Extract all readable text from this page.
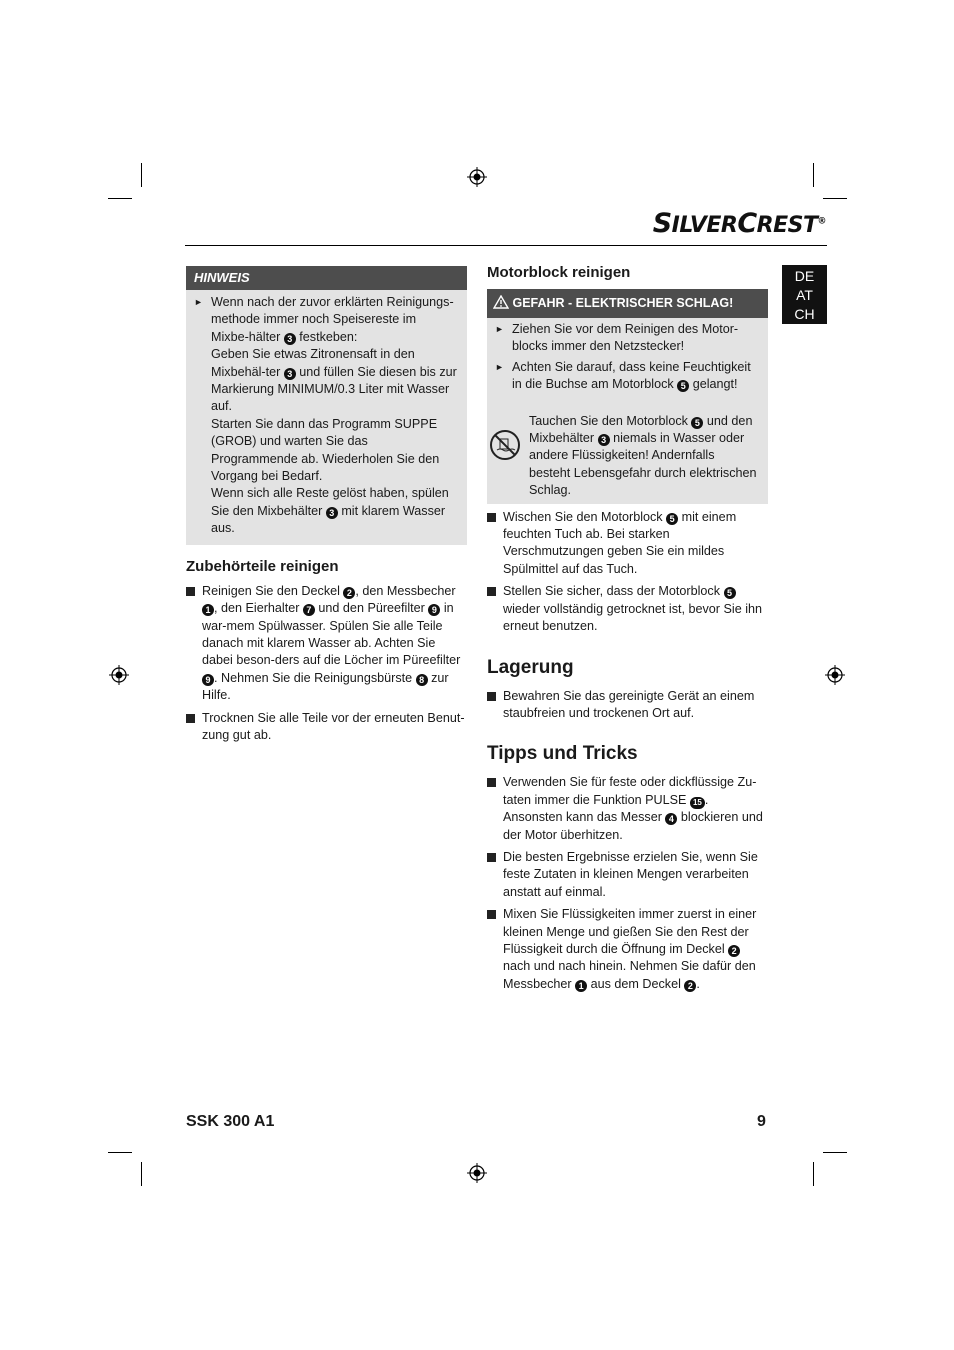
SILVERCREST®
DE
AT
CH
HINWEIS
► Wenn nach der zuvor erklärten Reinigungs-methode immer noch Speisereste im Mixbe-hälter 3 festkeben:
Geben Sie etwas Zitronensaft in den Mixbehäl-ter 3 und füllen Sie diesen bis zur Markierung MINIMUM/0.3 Liter mit Wasser auf.
Starten Sie dann das Programm SUPPE (GROB) und warten Sie das Programmende ab. Wiederholen Sie den Vorgang bei Bedarf.
Wenn sich alle Reste gelöst haben, spülen Sie den Mixbehälter 3 mit klarem Wasser aus.
Zubehörteile reinigen
Reinigen Sie den Deckel 2 , den Messbecher 1 , den Eierhalter 7 und den Püreefilter 9 in war-mem Spülwasser. Spülen Sie alle Teile danach mit klarem Wasser ab. Achten Sie dabei beson-ders auf die Löcher im Püreefilter 9 . Nehmen Sie die Reinigungsbürste 8 zur Hilfe.
Trocknen Sie alle Teile vor der erneuten Benut-zung gut ab.
Motorblock reinigen
GEFAHR - ELEKTRISCHER SCHLAG!
► Ziehen Sie vor dem Reinigen des Motor-blocks immer den Netzstecker!
► Achten Sie darauf, dass keine Feuchtigkeit in die Buchse am Motorblock 5 gelangt!
Tauchen Sie den Motorblock 5 und den Mixbehälter 3 niemals in Wasser oder andere Flüssigkeiten! Andernfalls besteht Lebensgefahr durch elektrischen Schlag.
Wischen Sie den Motorblock 5 mit einem feuchten Tuch ab. Bei starken Verschmutzungen geben Sie ein mildes Spülmittel auf das Tuch.
Stellen Sie sicher, dass der Motorblock 5 wieder vollständig getrocknet ist, bevor Sie ihn erneut benutzen.
Lagerung
Bewahren Sie das gereinigte Gerät an einem staubfreien und trockenen Ort auf.
Tipps und Tricks
Verwenden Sie für feste oder dickflüssige Zu-taten immer die Funktion PULSE 15 . Ansonsten kann das Messer 4 blockieren und der Motor überhitzen.
Die besten Ergebnisse erzielen Sie, wenn Sie feste Zutaten in kleinen Mengen verarbeiten anstatt auf einmal.
Mixen Sie Flüssigkeiten immer zuerst in einer kleinen Menge und gießen Sie den Rest der Flüssigkeit durch die Öffnung im Deckel 2 nach und nach hinein. Nehmen Sie dafür den Messbecher 1 aus dem Deckel 2 .
SSK 300 A1	9
